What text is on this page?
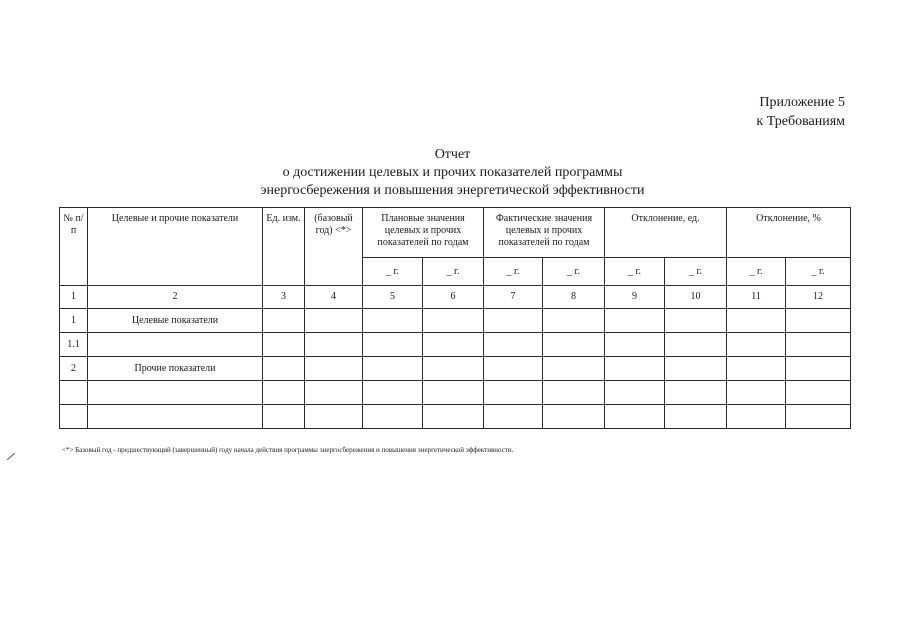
Приложение 5
к Требованиям
Отчет
о достижении целевых и прочих показателей программы
энергосбережения и повышения энергетической эффективности
№ п/п	Целевые и прочие показатели	Ед. изм.	(базовый год) <*>	Плановые значения целевых и прочих показателей по годам		Фактические значения целевых и прочих показателей по годам		Отклонение, ед.		Отклонение, %	
				_ г.	_ г.	_ г.	_ г.	_ г.	_ г.	_ г.	_ г.
1	2	3	4	5	6	7	8	9	10	11	12
1	Целевые показатели										
1.1											
2	Прочие показатели										

<*> Базовый год - предшествующий (завершенный) году начала действия программы энергосбережения и повышения энергетической эффективности.
